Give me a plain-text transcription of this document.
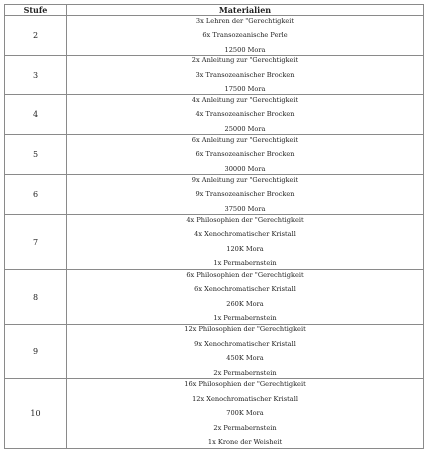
Stufe	Materialien
2	3x Lehren der "Gerechtigkeit
6x Transozeanische Perle
12500 Mora

3	2x Anleitung zur "Gerechtigkeit
3x Transozeanischer Brocken
17500 Mora

4	4x Anleitung zur "Gerechtigkeit
4x Transozeanischer Brocken
25000 Mora

5	6x Anleitung zur "Gerechtigkeit
6x Transozeanischer Brocken
30000 Mora

6	9x Anleitung zur "Gerechtigkeit
9x Transozeanischer Brocken
37500 Mora

7	4x Philosophien der "Gerechtigkeit
4x Xenochromatischer Kristall
120K Mora
1x Permabernstein

8	6x Philosophien der "Gerechtigkeit
6x Xenochromatischer Kristall
260K Mora
1x Permabernstein

9	12x Philosophien der "Gerechtigkeit
9x Xenochromatischer Kristall
450K Mora
2x Permabernstein

10	16x Philosophien der "Gerechtigkeit
12x Xenochromatischer Kristall
700K Mora
2x Permabernstein
1x Krone der Weisheit
